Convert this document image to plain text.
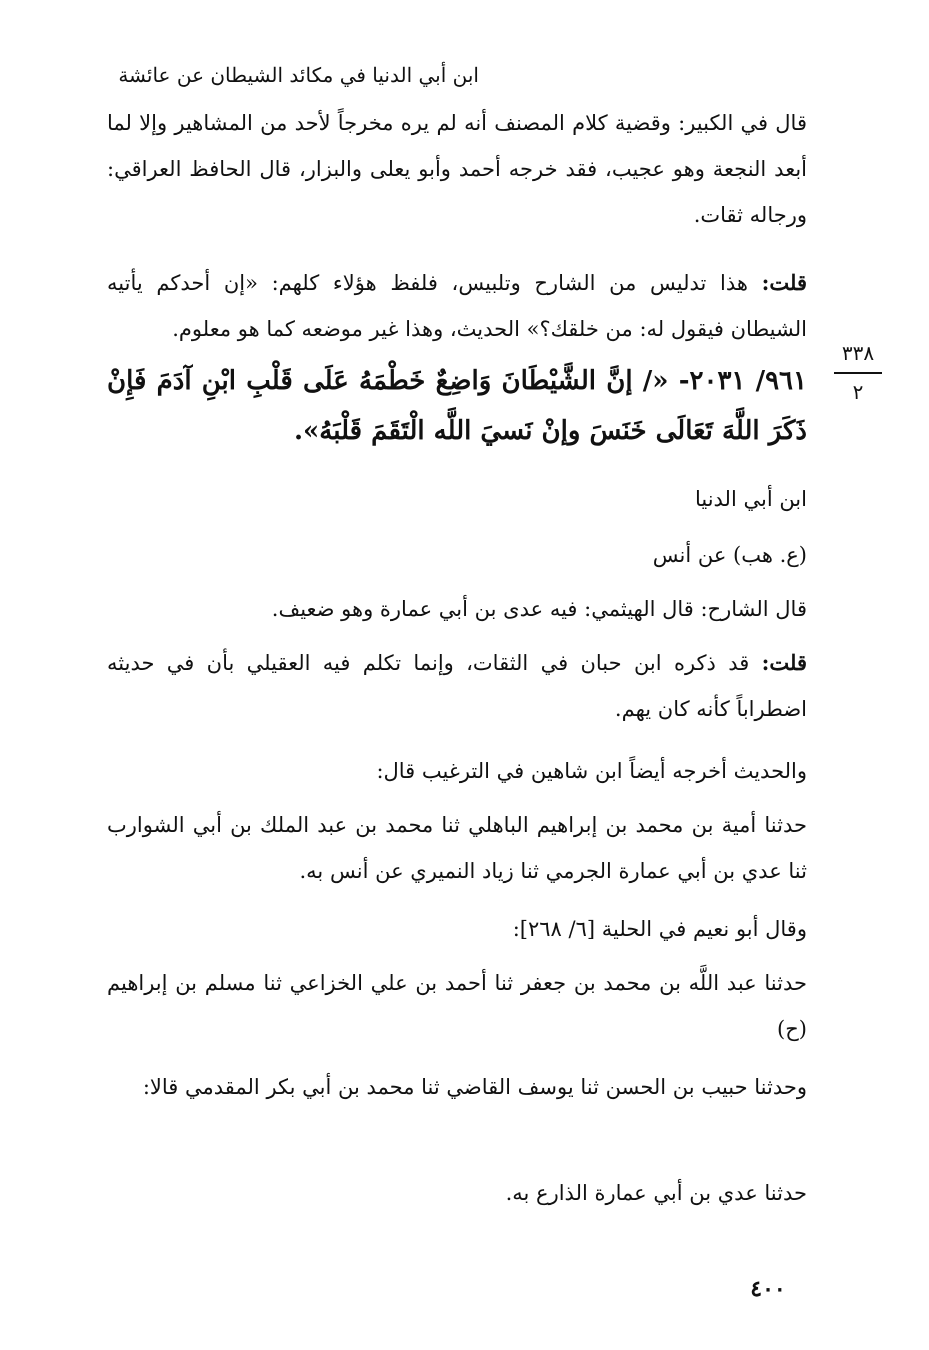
ابن أبي الدنيا في مكائد الشيطان عن عائشة
قال في الكبير: وقضية كلام المصنف أنه لم يره مخرجاً لأحد من المشاهير وإلا لما أبعد النجعة وهو عجيب، فقد خرجه أحمد وأبو يعلى والبزار، قال الحافظ العراقي: ورجاله ثقات.
قلت: هذا تدليس من الشارح وتلبيس، فلفظ هؤلاء كلهم: «إن أحدكم يأتيه الشيطان فيقول له: من خلقك؟» الحديث، وهذا غير موضعه كما هو معلوم.
٣٣٨
٢
٩٦١/ ٢٠٣١- «/ إنَّ الشَّيْطَانَ وَاضِعٌ خَطْمَهُ عَلَى قَلْبِ ابْنِ آدَمَ فَإِنْ ذَكَرَ اللَّهَ تَعَالَى خَنَسَ وإنْ نَسيَ اللَّه الْتَقَمَ قَلْبَهُ».
ابن أبي الدنيا
(ع. هب) عن أنس
قال الشارح: قال الهيثمي: فيه عدى بن أبي عمارة وهو ضعيف.
قلت: قد ذكره ابن حبان في الثقات، وإنما تكلم فيه العقيلي بأن في حديثه اضطراباً كأنه كان يهم.
والحديث أخرجه أيضاً ابن شاهين في الترغيب قال:
حدثنا أمية بن محمد بن إبراهيم الباهلي ثنا محمد بن عبد الملك بن أبي الشوارب ثنا عدي بن أبي عمارة الجرمي ثنا زياد النميري عن أنس به.
وقال أبو نعيم في الحلية [٦/ ٢٦٨]:
حدثنا عبد اللَّه بن محمد بن جعفر ثنا أحمد بن علي الخزاعي ثنا مسلم بن إبراهيم (ح)
وحدثنا حبيب بن الحسن ثنا يوسف القاضي ثنا محمد بن أبي بكر المقدمي قالا:
حدثنا عدي بن أبي عمارة الذارع به.
٤٠٠
